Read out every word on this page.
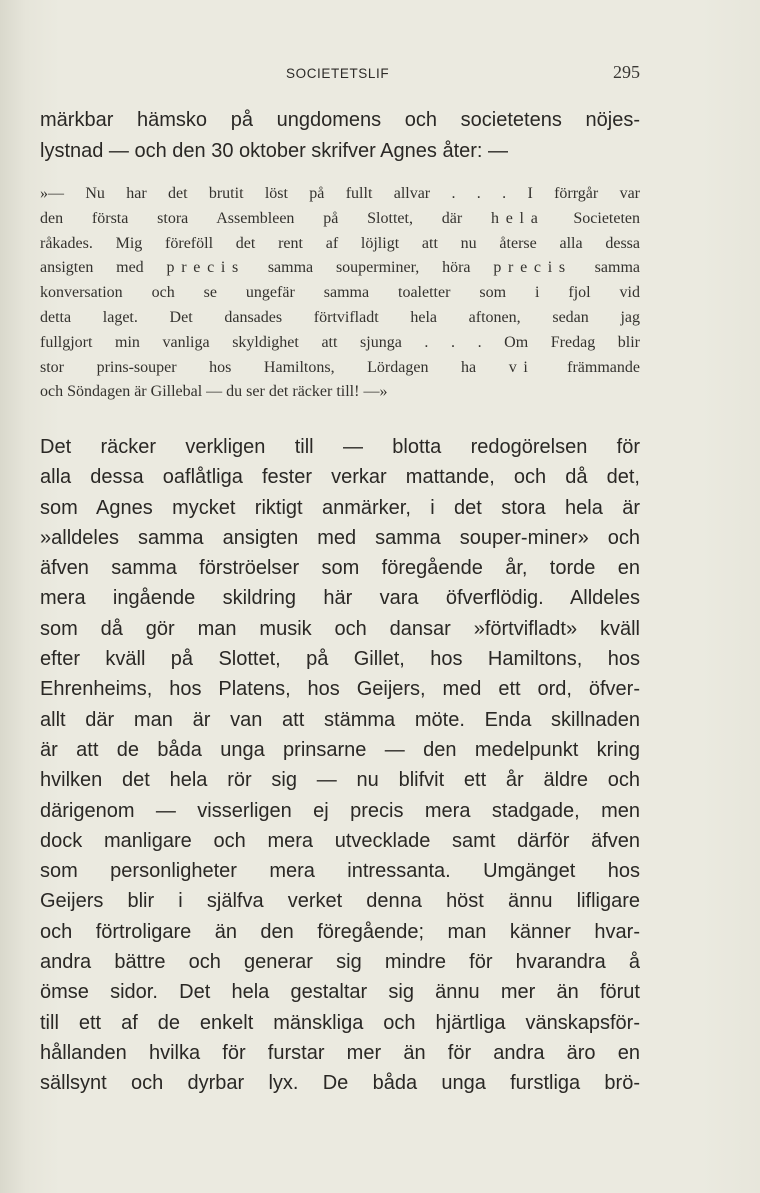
SOCIETETSLIF	295
märkbar hämsko på ungdomens och societetens nöjes-
lystnad — och den 30 oktober skrifver Agnes åter: —
»— Nu har det brutit löst på fullt allvar . . . I förrgår var
den första stora Assembleen på Slottet, där hela Societeten
råkades. Mig föreföll det rent af löjligt att nu återse alla dessa
ansigten med precis samma souperminer, höra precis samma
konversation och se ungefär samma toaletter som i fjol vid
detta laget. Det dansades förtvifladt hela aftonen, sedan jag
fullgjort min vanliga skyldighet att sjunga . . . Om Fredag blir
stor prins-souper hos Hamiltons, Lördagen ha vi främmande
och Söndagen är Gillebal — du ser det räcker till! —»
Det räcker verkligen till — blotta redogörelsen för
alla dessa oaflåtliga fester verkar mattande, och då det,
som Agnes mycket riktigt anmärker, i det stora hela är
»alldeles samma ansigten med samma souper-miner» och
äfven samma förströelser som föregående år, torde en
mera ingående skildring här vara öfverflödig. Alldeles
som då gör man musik och dansar »förtvifladt» kväll
efter kväll på Slottet, på Gillet, hos Hamiltons, hos
Ehrenheims, hos Platens, hos Geijers, med ett ord, öfver-
allt där man är van att stämma möte. Enda skillnaden
är att de båda unga prinsarne — den medelpunkt kring
hvilken det hela rör sig — nu blifvit ett år äldre och
därigenom — visserligen ej precis mera stadgade, men
dock manligare och mera utvecklade samt därför äfven
som personligheter mera intressanta. Umgänget hos
Geijers blir i själfva verket denna höst ännu lifligare
och förtroligare än den föregående; man känner hvar-
andra bättre och generar sig mindre för hvarandra å
ömse sidor. Det hela gestaltar sig ännu mer än förut
till ett af de enkelt mänskliga och hjärtliga vänskapsför-
hållanden hvilka för furstar mer än för andra äro en
sällsynt och dyrbar lyx. De båda unga furstliga brö-
